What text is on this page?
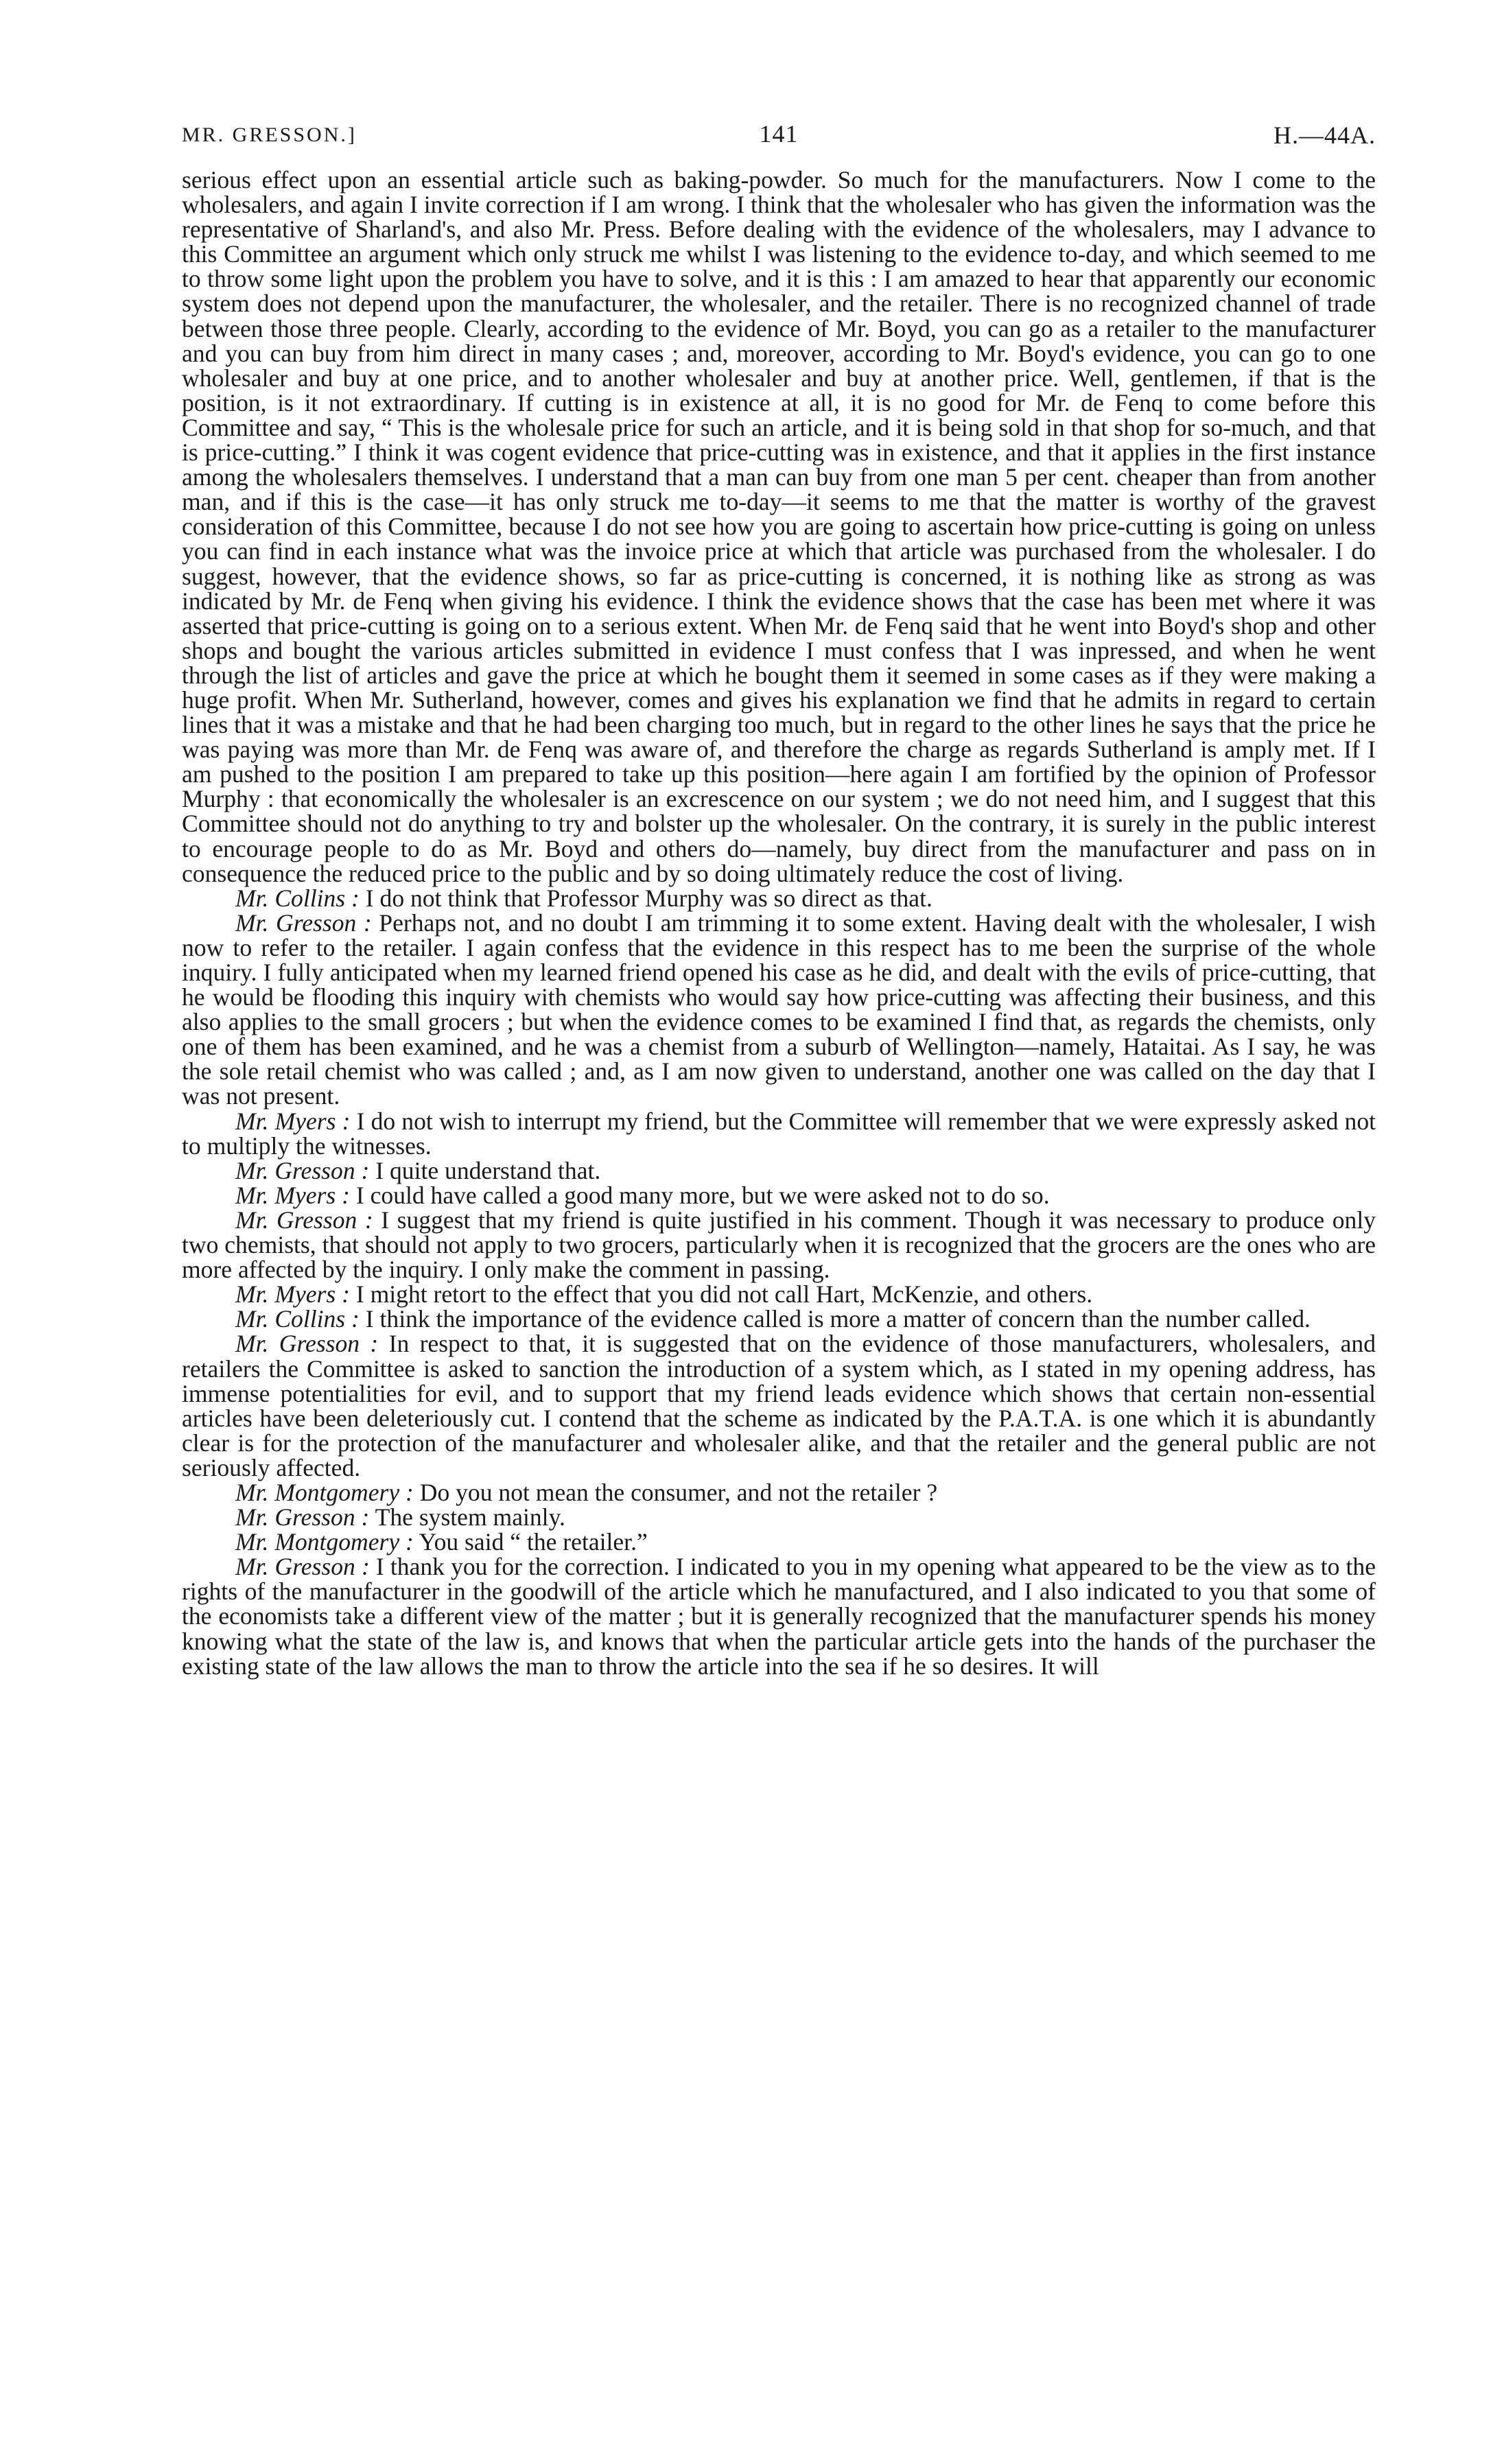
MR. GRESSON.]	141	H.—44A.

serious effect upon an essential article such as baking-powder. So much for the manufacturers. Now I come to the wholesalers, and again I invite correction if I am wrong. I think that the wholesaler who has given the information was the representative of Sharland's, and also Mr. Press. Before dealing with the evidence of the wholesalers, may I advance to this Committee an argument which only struck me whilst I was listening to the evidence to-day, and which seemed to me to throw some light upon the problem you have to solve, and it is this : I am amazed to hear that apparently our economic system does not depend upon the manufacturer, the wholesaler, and the retailer. There is no recognized channel of trade between those three people. Clearly, according to the evidence of Mr. Boyd, you can go as a retailer to the manufacturer and you can buy from him direct in many cases ; and, moreover, according to Mr. Boyd's evidence, you can go to one wholesaler and buy at one price, and to another wholesaler and buy at another price. Well, gentlemen, if that is the position, is it not extraordinary. If cutting is in existence at all, it is no good for Mr. de Fenq to come before this Committee and say, “ This is the wholesale price for such an article, and it is being sold in that shop for so-much, and that is price-cutting.” I think it was cogent evidence that price-cutting was in existence, and that it applies in the first instance among the wholesalers themselves. I understand that a man can buy from one man 5 per cent. cheaper than from another man, and if this is the case—it has only struck me to-day—it seems to me that the matter is worthy of the gravest consideration of this Committee, because I do not see how you are going to ascertain how price-cutting is going on unless you can find in each instance what was the invoice price at which that article was purchased from the wholesaler. I do suggest, however, that the evidence shows, so far as price-cutting is concerned, it is nothing like as strong as was indicated by Mr. de Fenq when giving his evidence. I think the evidence shows that the case has been met where it was asserted that price-cutting is going on to a serious extent. When Mr. de Fenq said that he went into Boyd's shop and other shops and bought the various articles submitted in evidence I must confess that I was inpressed, and when he went through the list of articles and gave the price at which he bought them it seemed in some cases as if they were making a huge profit. When Mr. Sutherland, however, comes and gives his explanation we find that he admits in regard to certain lines that it was a mistake and that he had been charging too much, but in regard to the other lines he says that the price he was paying was more than Mr. de Fenq was aware of, and therefore the charge as regards Sutherland is amply met. If I am pushed to the position I am prepared to take up this position—here again I am fortified by the opinion of Professor Murphy : that economically the wholesaler is an excrescence on our system ; we do not need him, and I suggest that this Committee should not do anything to try and bolster up the wholesaler. On the contrary, it is surely in the public interest to encourage people to do as Mr. Boyd and others do—namely, buy direct from the manufacturer and pass on in consequence the reduced price to the public and by so doing ultimately reduce the cost of living.

Mr. Collins : I do not think that Professor Murphy was so direct as that.

Mr. Gresson : Perhaps not, and no doubt I am trimming it to some extent. Having dealt with the wholesaler, I wish now to refer to the retailer. I again confess that the evidence in this respect has to me been the surprise of the whole inquiry. I fully anticipated when my learned friend opened his case as he did, and dealt with the evils of price-cutting, that he would be flooding this inquiry with chemists who would say how price-cutting was affecting their business, and this also applies to the small grocers ; but when the evidence comes to be examined I find that, as regards the chemists, only one of them has been examined, and he was a chemist from a suburb of Wellington—namely, Hataitai. As I say, he was the sole retail chemist who was called ; and, as I am now given to understand, another one was called on the day that I was not present.

Mr. Myers : I do not wish to interrupt my friend, but the Committee will remember that we were expressly asked not to multiply the witnesses.

Mr. Gresson : I quite understand that.

Mr. Myers : I could have called a good many more, but we were asked not to do so.

Mr. Gresson : I suggest that my friend is quite justified in his comment. Though it was necessary to produce only two chemists, that should not apply to two grocers, particularly when it is recognized that the grocers are the ones who are more affected by the inquiry. I only make the comment in passing.

Mr. Myers : I might retort to the effect that you did not call Hart, McKenzie, and others.

Mr. Collins : I think the importance of the evidence called is more a matter of concern than the number called.

Mr. Gresson : In respect to that, it is suggested that on the evidence of those manufacturers, wholesalers, and retailers the Committee is asked to sanction the introduction of a system which, as I stated in my opening address, has immense potentialities for evil, and to support that my friend leads evidence which shows that certain non-essential articles have been deleteriously cut. I contend that the scheme as indicated by the P.A.T.A. is one which it is abundantly clear is for the protection of the manufacturer and wholesaler alike, and that the retailer and the general public are not seriously affected.

Mr. Montgomery : Do you not mean the consumer, and not the retailer ?

Mr. Gresson : The system mainly.

Mr. Montgomery : You said “ the retailer.”

Mr. Gresson : I thank you for the correction. I indicated to you in my opening what appeared to be the view as to the rights of the manufacturer in the goodwill of the article which he manufactured, and I also indicated to you that some of the economists take a different view of the matter ; but it is generally recognized that the manufacturer spends his money knowing what the state of the law is, and knows that when the particular article gets into the hands of the purchaser the existing state of the law allows the man to throw the article into the sea if he so desires. It will
